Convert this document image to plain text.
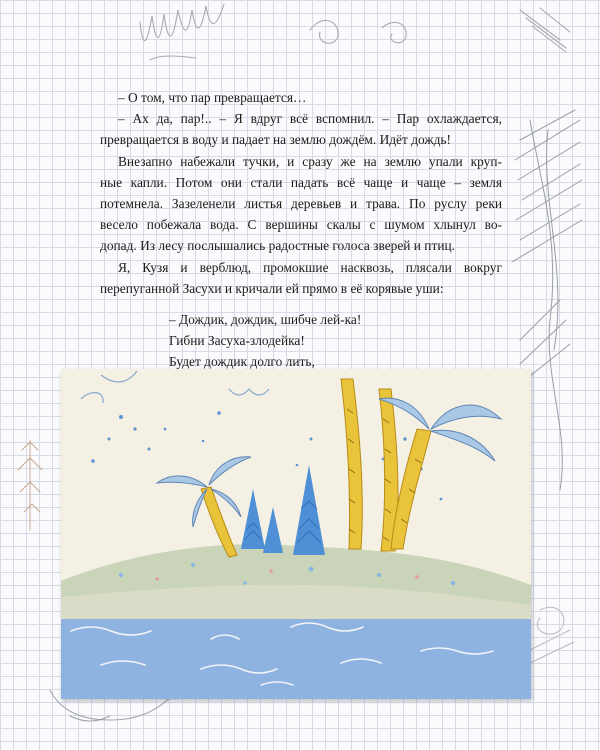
– О том, что пар превращается…

– Ах да, пар!.. – Я вдруг всё вспомнил. – Пар охлаждается,

превращается в воду и падает на землю дождём. Идёт дождь!

Внезапно набежали тучки, и сразу же на землю упали круп-

ные капли. Потом они стали падать всё чаще и чаще – земля

потемнела. Зазеленели листья деревьев и трава. По руслу реки

весело побежала вода. С вершины скалы с шумом хлынул во-

допад. Из лесу послышались радостные голоса зверей и птиц.

Я, Кузя и верблюд, промокшие насквозь, плясали вокруг

перепуганной Засухи и кричали ей прямо в её корявые уши:

– Дождик, дождик, шибче лей-ка!
Гибни Засуха-злодейка!
Будет дождик долго лить,
